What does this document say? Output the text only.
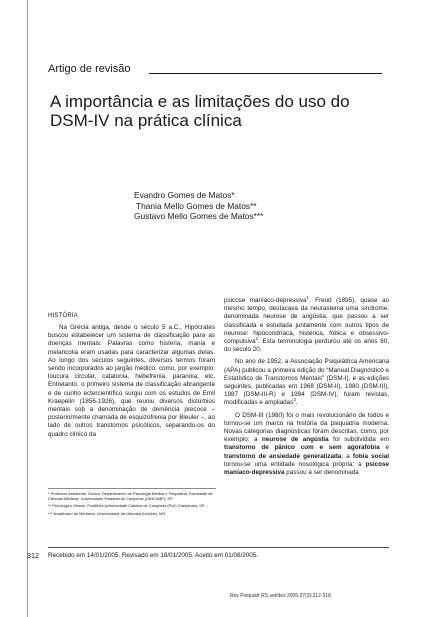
Artigo de revisão
A importância e as limitações do uso do DSM-IV na prática clínica
Evandro Gomes de Matos*
Thania Mello Gomes de Matos**
Gustavo Mello Gomes de Matos***
HISTÓRIA

Na Grécia antiga, desde o século 5 a.C., Hipócrates buscou estabelecer um sistema de classificação para as doenças mentais. Palavras como histeria, mania e melancolia eram usadas para caracterizar algumas delas. Ao longo dos séculos seguintes, diversos termos foram sendo incorporados ao jargão médico, como, por exemplo: loucura circular, catatonia, hebefrenia, paranóia, etc. Entretanto, o primeiro sistema de classificação abrangente e de cunho ectercientífico surgiu com os estudos de Emil Kraepelin (1856-1926), que reuniu diversos distúrbios mentais sob a denominação de demência precoce – posteriormente chamada de esquizofrenia por Bleuler –, ao lado de outros transtornos psicóticos, separando-os do quadro clínico da

psicose maníaco-depressiva$^1$. Freud (1895), quase ao mesmo tempo, destacava da neurastenia uma síndrome, denominada neurose de angústia, que passou a ser classificada e estudada juntamente com outros tipos de neurose: hipocondríaca, histérica, fóbica e obsessivo-compulsiva$^2$. Esta terminologia perdurou até os anos 80, do século 20.

No ano de 1952, a Associação Psiquiátrica Americana (APA) publicou a primeira edição do “Manual Diagnóstico e Estatístico de Transtornos Mentais” (DSM-I), e as edições seguintes, publicadas em 1968 (DSM-II), 1980 (DSM-III), 1987 (DSM-III-R) e 1994 (DSM-IV), foram revistas, modificadas e ampliadas$^3$.

O DSM-III (1980) foi o mais revolucionário de todos e tornou-se um marco na história da psiquiatria moderna. Novas categorias diagnósticas foram descritas, como, por exemplo: a neurose de angústia foi subdividida em transtorno de pânico com e sem agorafobia e transtorno de ansiedade generalizada; a fobia social tornou-se uma entidade nosológica própria; a psicose maníaco-depressiva passou a ser denominada

* Professor Assistente, Doutor, Departamento de Psicologia Médica e Psiquiatria, Faculdade de Ciências Médicas, Universidade Estadual de Campinas (UNICAMP), SP.

** Psicóloga e Mestre, Pontifícia Universidade Católica de Campinas (PUC-Campinas), SP.

*** Acadêmico de Medicina, Universidade de Uberaba (Uniube), MG.

312 Recebido em 14/01/2005. Revisado em 18/01/2005. Aceito em 01/08/2005.
Rev Psiquiatr RS set/dez 2005;27(3):312-318
